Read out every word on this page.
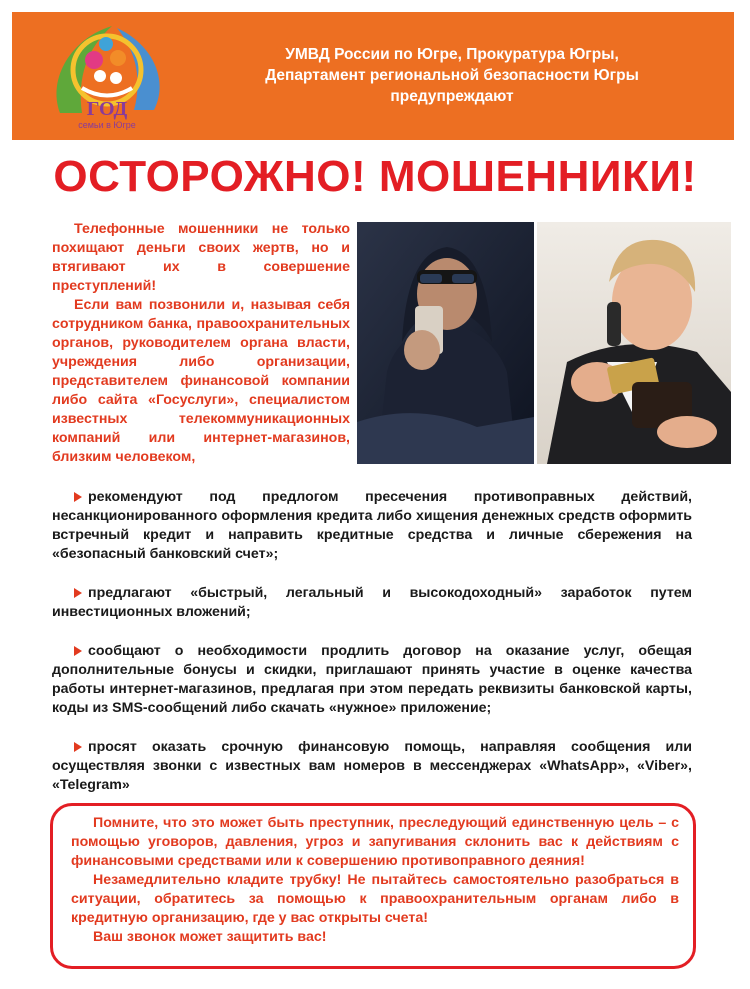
ГОД
семьи в Югре
УМВД России по Югре, Прокуратура Югры,
Департамент региональной безопасности Югры
предупреждают
ОСТОРОЖНО! МОШЕННИКИ!

Телефонные мошенники не только похищают деньги своих жертв, но и втягивают их в совершение преступлений!

Если вам позвонили и, называя себя сотрудником банка, правоохранительных органов, руководителем органа власти, учреждения либо организации, представителем финансовой компании либо сайта «Госуслуги», специалистом известных телекоммуникационных компаний или интернет-магазинов, близким человеком,

рекомендуют под предлогом пресечения противоправных действий, несанкционированного оформления кредита либо хищения денежных средств оформить встречный кредит и направить кредитные средства и личные сбережения на «безопасный банковский счет»;
предлагают «быстрый, легальный и высокодоходный» заработок путем инвестиционных вложений;
сообщают о необходимости продлить договор на оказание услуг, обещая дополнительные бонусы и скидки, приглашают принять участие в оценке качества работы интернет-магазинов, предлагая при этом передать реквизиты банковской карты, коды из SMS-сообщений либо скачать «нужное» приложение;
просят оказать срочную финансовую помощь, направляя сообщения или осуществляя звонки с известных вам номеров в мессенджерах «WhatsApp», «Viber», «Telegram»

Помните, что это может быть преступник, преследующий единственную цель – с помощью уговоров, давления, угроз и запугивания склонить вас к действиям с финансовыми средствами или к совершению противоправного деяния!

Незамедлительно кладите трубку! Не пытайтесь самостоятельно разобраться в ситуации, обратитесь за помощью к правоохранительным органам либо в кредитную организацию, где у вас открыты счета!

Ваш звонок может защитить вас!
